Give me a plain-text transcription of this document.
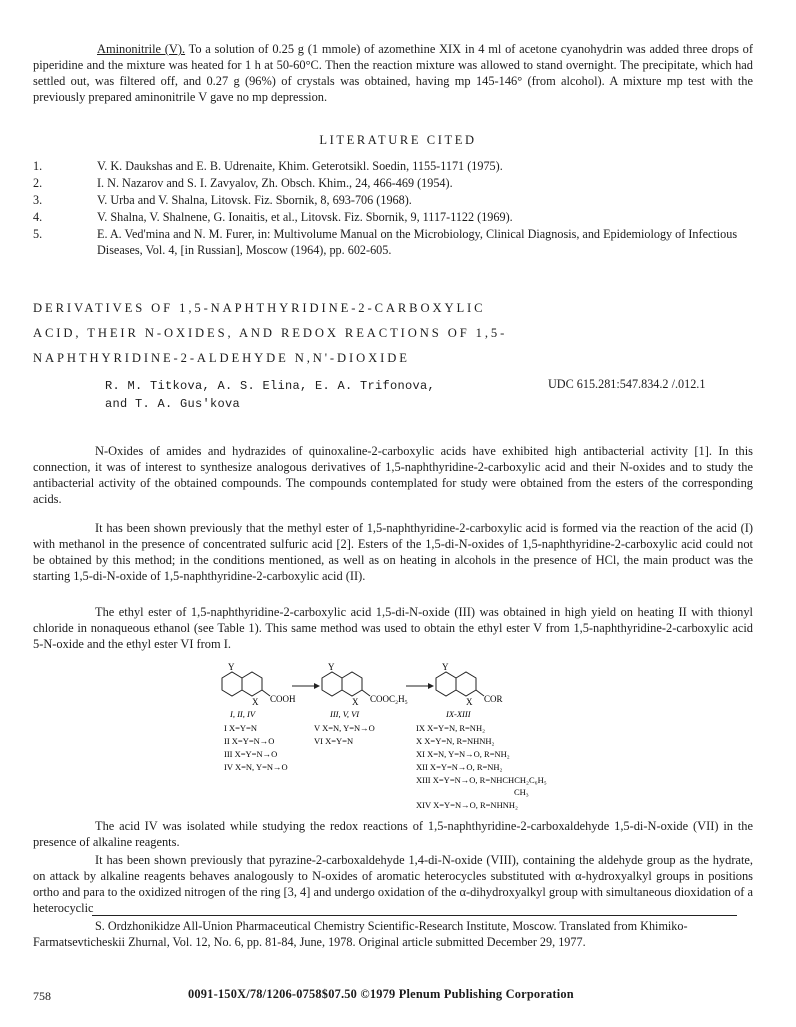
Aminonitrile (V). To a solution of 0.25 g (1 mmole) of azomethine XIX in 4 ml of acetone cyanohydrin was added three drops of piperidine and the mixture was heated for 1 h at 50-60°C. Then the reaction mixture was allowed to stand overnight. The precipitate, which had settled out, was filtered off, and 0.27 g (96%) of crystals was obtained, having mp 145-146° (from alcohol). A mixture mp test with the previously prepared aminonitrile V gave no mp depression.

LITERATURE CITED
1.	V. K. Daukshas and E. B. Udrenaite, Khim. Geterotsikl. Soedin, 1155-1171 (1975).
2.	I. N. Nazarov and S. I. Zavyalov, Zh. Obsch. Khim., 24, 466-469 (1954).
3.	V. Urba and V. Shalna, Litovsk. Fiz. Sbornik, 8, 693-706 (1968).
4.	V. Shalna, V. Shalnene, G. Ionaitis, et al., Litovsk. Fiz. Sbornik, 9, 1117-1122 (1969).
5.	E. A. Ved'mina and N. M. Furer, in: Multivolume Manual on the Microbiology, Clinical Diagnosis, and Epidemiology of Infectious Diseases, Vol. 4, [in Russian], Moscow (1964), pp. 602-605.
DERIVATIVES OF 1,5-NAPHTHYRIDINE-2-CARBOXYLIC
ACID, THEIR N-OXIDES, AND REDOX REACTIONS OF 1,5-
NAPHTHYRIDINE-2-ALDEHYDE N,N'-DIOXIDE
R. M. Titkova, A. S. Elina, E. A. Trifonova,
and T. A. Gus'kova
UDC 615.281:547.834.2 /.012.1

N-Oxides of amides and hydrazides of quinoxaline-2-carboxylic acids have exhibited high antibacterial activity [1]. In this connection, it was of interest to synthesize analogous derivatives of 1,5-naphthyridine-2-carboxylic acid and their N-oxides and to study the antibacterial activity of the obtained compounds. The compounds contemplated for study were obtained from the esters of the corresponding acids.

It has been shown previously that the methyl ester of 1,5-naphthyridine-2-carboxylic acid is formed via the reaction of the acid (I) with methanol in the presence of concentrated sulfuric acid [2]. Esters of the 1,5-di-N-oxides of 1,5-naphthyridine-2-carboxylic acid could not be obtained by this method; in the conditions mentioned, as well as on heating in alcohols in the presence of HCl, the main product was the starting 1,5-di-N-oxide of 1,5-naphthyridine-2-carboxylic acid (II).

The ethyl ester of 1,5-naphthyridine-2-carboxylic acid 1,5-di-N-oxide (III) was obtained in high yield on heating II with thionyl chloride in nonaqueous ethanol (see Table 1). This same method was used to obtain the ethyl ester V from 1,5-naphthyridine-2-carboxylic acid 5-N-oxide and the ethyl ester VI from I.

Y
X COOH
Y
X COOC₂H₅
Y
X COR
I, II, IV	III, V, VI	IX-XIII
I X=Y=N
II X=Y=N→O
III X=Y=N→O
IV X=N, Y=N→O
V X=N, Y=N→O
VI X=Y=N
IX X=Y=N, R=NH₂
X X=Y=N, R=NHNH₂
XI X=N, Y=N→O, R=NH₂
XII X=Y=N→O, R=NH₂
XIII X=Y=N→O, R=NHCHCH₂C₆H₅
CH₃
XIV X=Y=N→O, R=NHNH₂

The acid IV was isolated while studying the redox reactions of 1,5-naphthyridine-2-carboxaldehyde 1,5-di-N-oxide (VII) in the presence of alkaline reagents.

It has been shown previously that pyrazine-2-carboxaldehyde 1,4-di-N-oxide (VIII), containing the aldehyde group as the hydrate, on attack by alkaline reagents behaves analogously to N-oxides of aromatic heterocycles substituted with α-hydroxyalkyl groups in positions ortho and para to the oxidized nitrogen of the ring [3, 4] and undergo oxidation of the α-dihydroxyalkyl group with simultaneous dioxidation of a heterocyclic

S. Ordzhonikidze All-Union Pharmaceutical Chemistry Scientific-Research Institute, Moscow. Translated from Khimiko-Farmatsevticheskii Zhurnal, Vol. 12, No. 6, pp. 81-84, June, 1978. Original article submitted December 29, 1977.

758	0091-150X/78/1206-0758$07.50 ©1979 Plenum Publishing Corporation
